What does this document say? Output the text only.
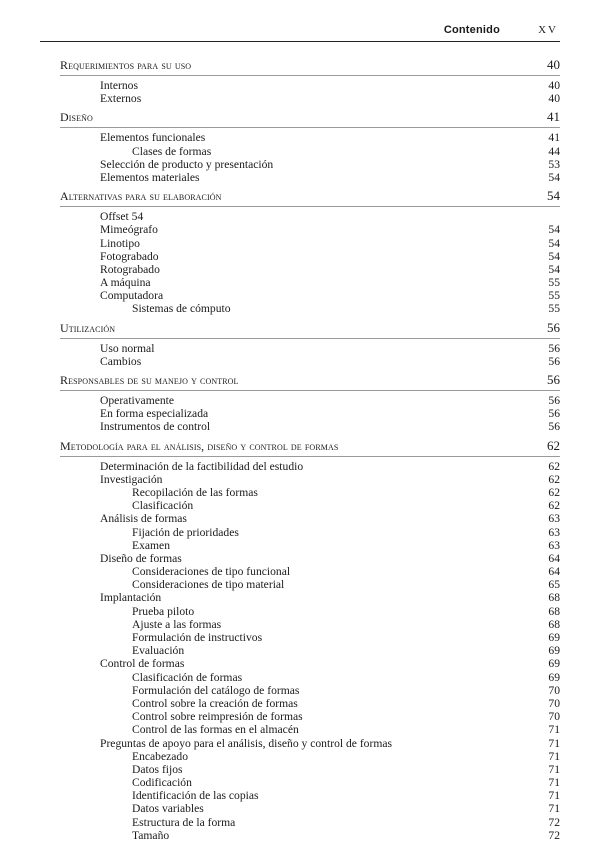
Contenido	XV
Requerimientos para su uso	40
Internos	40
Externos	40
Diseño	41
Elementos funcionales	41
Clases de formas	44
Selección de producto y presentación	53
Elementos materiales	54
Alternativas para su elaboración	54
Offset 54
Mimeógrafo	54
Linotipo	54
Fotograbado	54
Rotograbado	54
A máquina	55
Computadora	55
Sistemas de cómputo	55
Utilización	56
Uso normal	56
Cambios	56
Responsables de su manejo y control	56
Operativamente	56
En forma especializada	56
Instrumentos de control	56
Metodología para el análisis, diseño y control de formas	62
Determinación de la factibilidad del estudio	62
Investigación	62
Recopilación de las formas	62
Clasificación	62
Análisis de formas	63
Fijación de prioridades	63
Examen	63
Diseño de formas	64
Consideraciones de tipo funcional	64
Consideraciones de tipo material	65
Implantación	68
Prueba piloto	68
Ajuste a las formas	68
Formulación de instructivos	69
Evaluación	69
Control de formas	69
Clasificación de formas	69
Formulación del catálogo de formas	70
Control sobre la creación de formas	70
Control sobre reimpresión de formas	70
Control de las formas en el almacén	71
Preguntas de apoyo para el análisis, diseño y control de formas	71
Encabezado	71
Datos fijos	71
Codificación	71
Identificación de las copias	71
Datos variables	71
Estructura de la forma	72
Tamaño	72
